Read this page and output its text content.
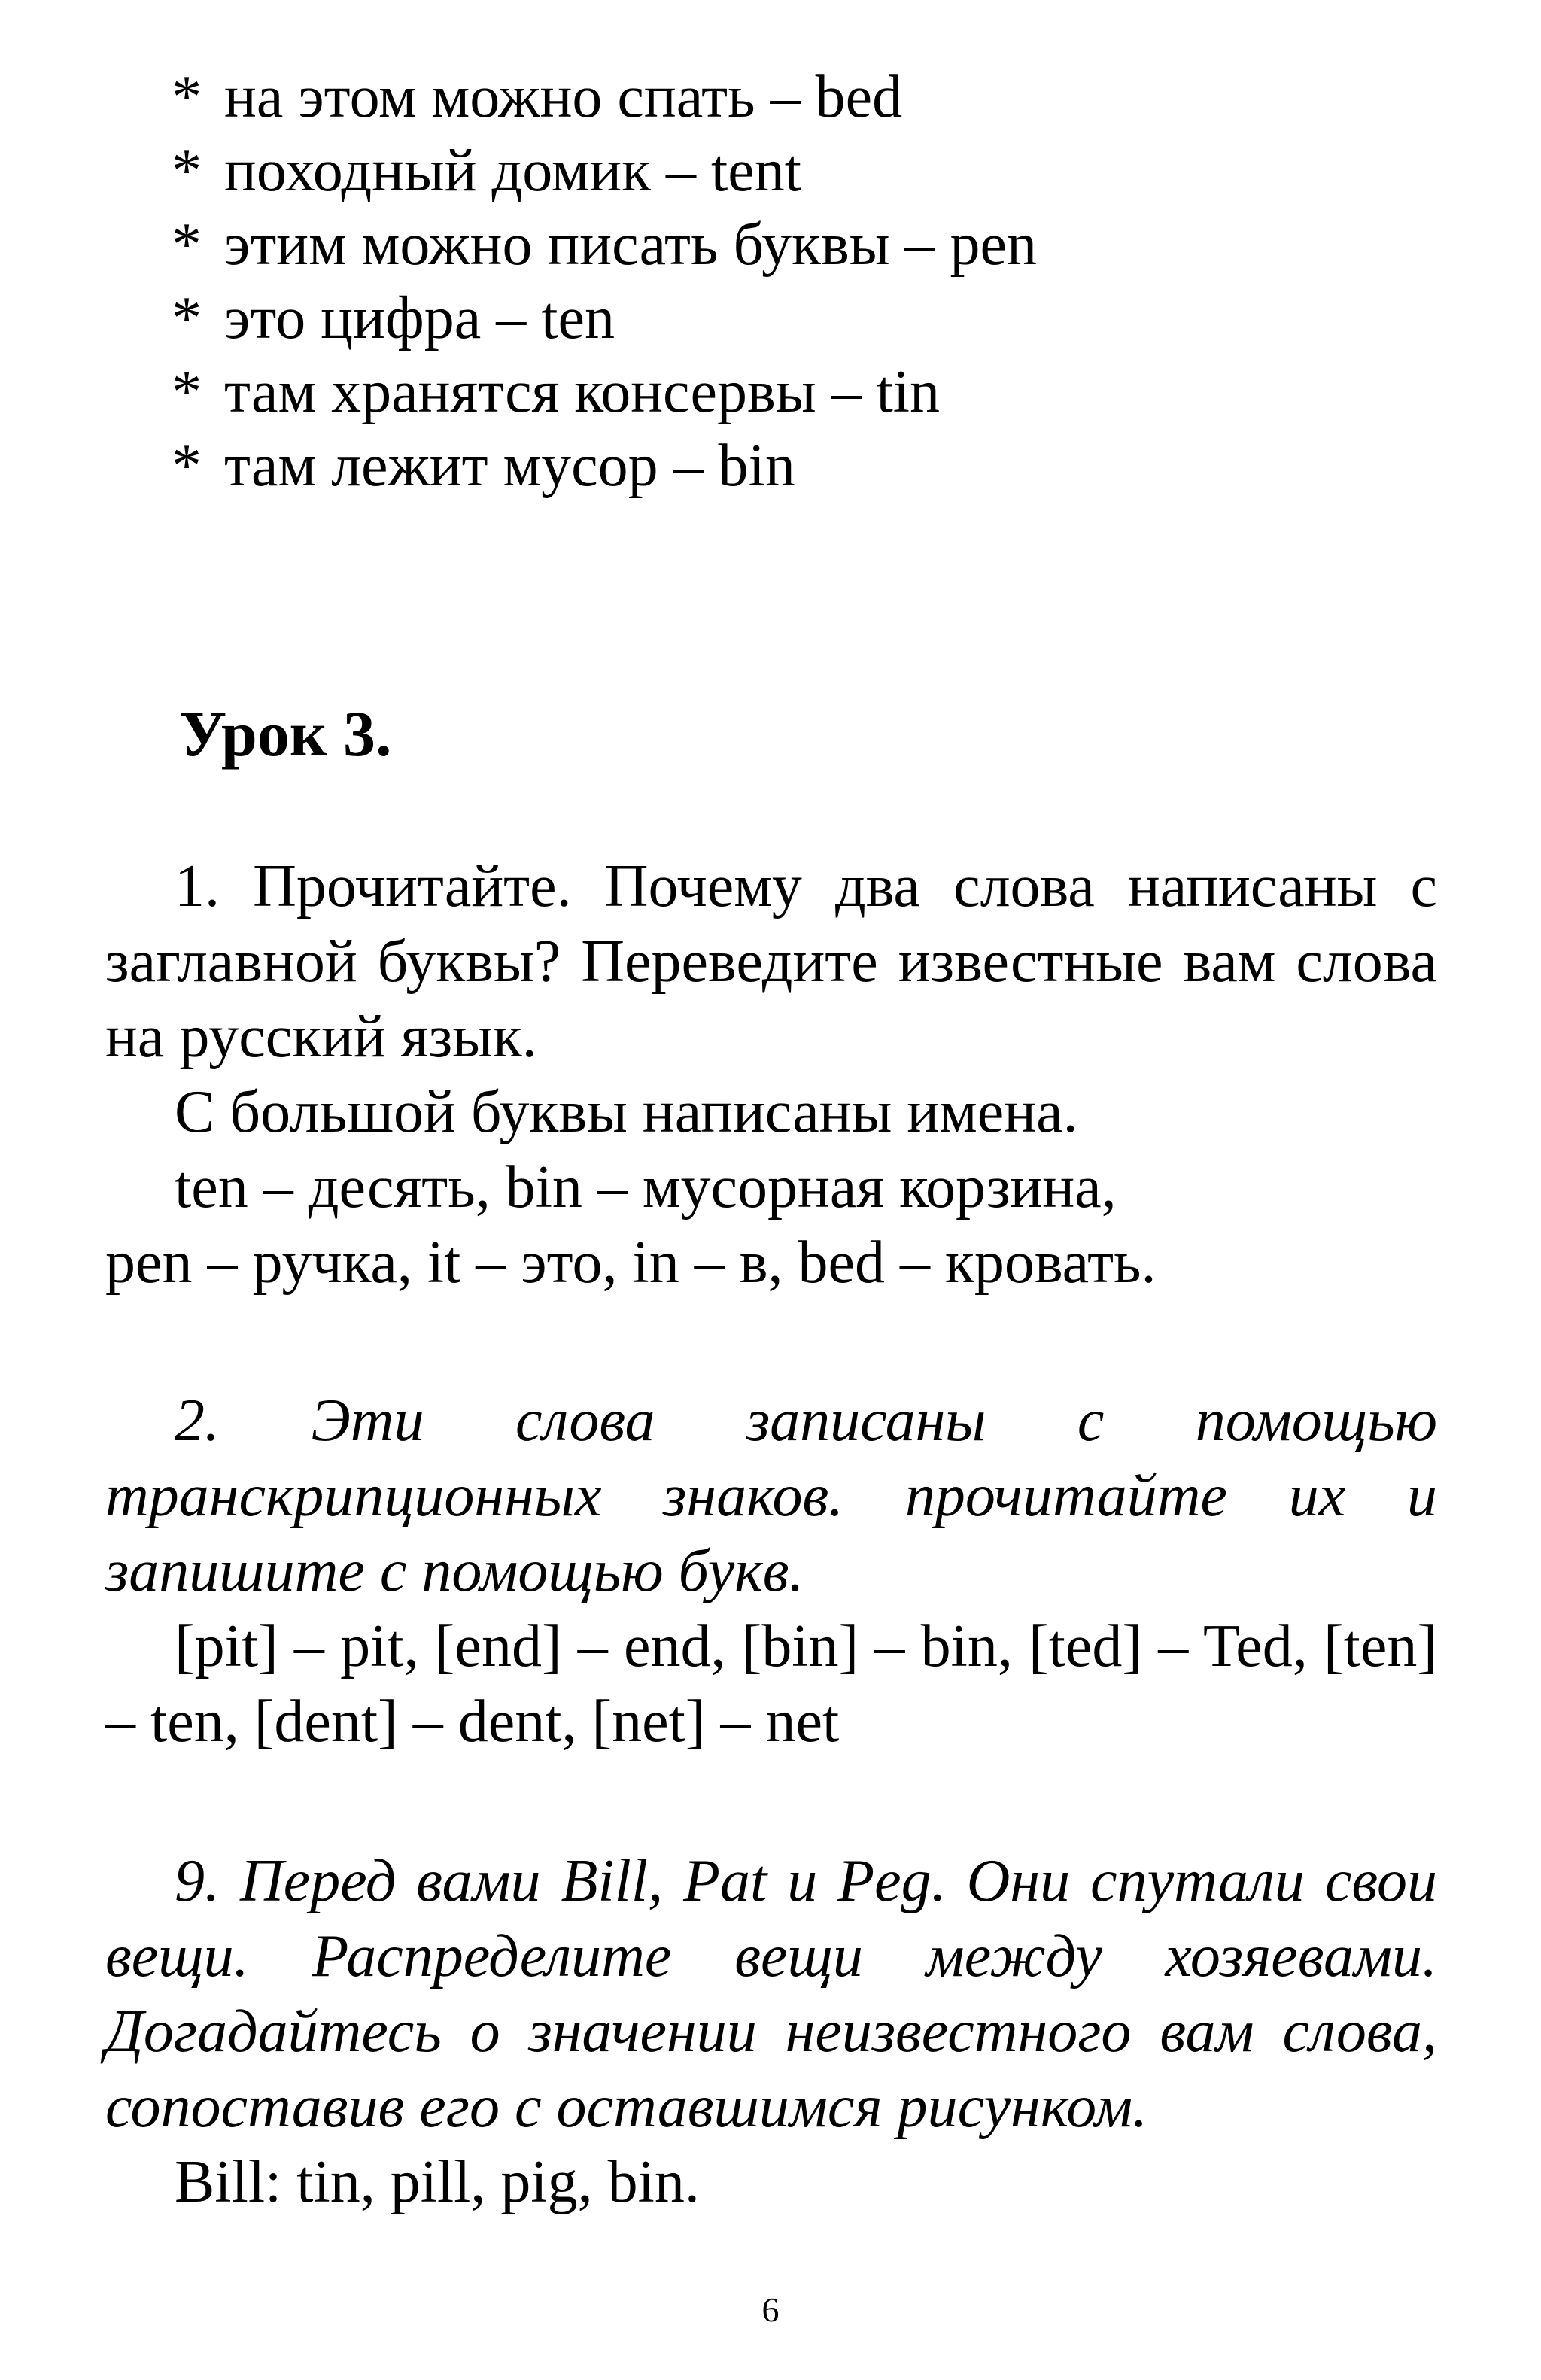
* на этом можно спать – bed
* походный домик – tent
* этим можно писать буквы – pen
* это цифра – ten
* там хранятся консервы – tin
* там лежит мусор – bin
Урок 3.

1. Прочитайте. Почему два слова написаны с заглавной буквы? Переведите известные вам слова на русский язык.

С большой буквы написаны имена.

ten – десять, bin – мусорная корзина,

pen – ручка, it – это, in – в, bed – кровать.

2. Эти слова записаны с помощью транскрипционных знаков. прочитайте их и запишите с помощью букв.

[pit] – pit, [end] – end, [bin] – bin, [ted] – Ted, [ten] – ten, [dent] – dent, [net] – net

9. Перед вами Bill, Pat и Peg. Они спутали свои вещи. Распределите вещи между хозяевами. Догадайтесь о значении неизвестного вам слова, сопоставив его с оставшимся рисунком.

Bill: tin, pill, pig, bin.

6
